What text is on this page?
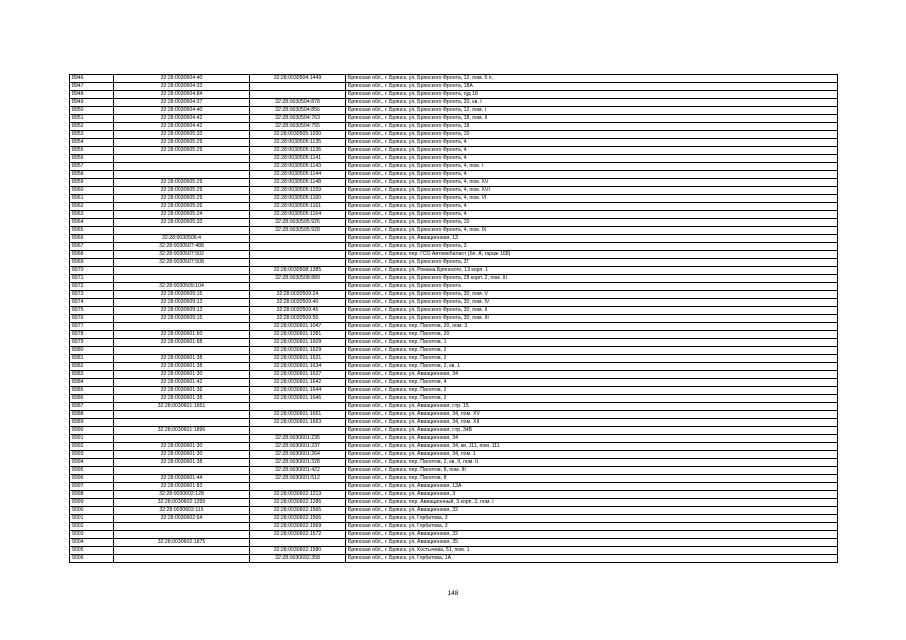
8946	32:28:0030504:40	32:28:0030504:1449	Брянская обл., г. Брянск, ул. Брянского Фронта, 12, пом. 5 п.
8947	32:28:0030504:33		Брянская обл., г. Брянск, ул. Брянского Фронта, 18А
8948	32:28:0030504:84		Брянская обл., г. Брянск, ул. Брянского Фронта, ojд 18
8949	32:28:0030504:37	32:28:0030504:878	Брянская обл., г. Брянск, ул. Брянского Фронта, 20, кв. I
8950	32:28:0030504:40	32:28:0030504:856	Брянская обл., г. Брянск, ул. Брянского Фронта, 12, пом. I
8951	32:28:0030504:42	32:28:0030504:763	Брянская обл., г. Брянск, ул. Брянского Фронта, 18, пом. II
8952	32:28:0030504:42	32:28:0030504:755	Брянская обл., г. Брянск, ул. Брянского Фронта, 18
8953	32:28:0030505:33	32:28:0030505:1030	Брянская обл., г. Брянск, ул. Брянского Фронта, 10
8954	32:28:0030505:29	32:28:0030505:1135	Брянская обл., г. Брянск, ул. Брянского Фронта, 4
8955	32:28:0030505:29	32:28:0030505:1136	Брянская обл., г. Брянск, ул. Брянского Фронта, 4
8956		32:28:0030505:1141	Брянская обл., г. Брянск, ул. Брянского Фронта, 4
8957		32:28:0030505:1143	Брянская обл., г. Брянск, ул. Брянского Фронта, 4, пом. I
8958		32:28:0030505:1144	Брянская обл., г. Брянск, ул. Брянского Фронта, 4
8959	32:28:0030505:29	32:28:0030505:1148	Брянская обл., г. Брянск, ул. Брянского Фронта, 4, пом. XV
8960	32:28:0030505:29	32:28:0030505:1159	Брянская обл., г. Брянск, ул. Брянского Фронта, 4, пом. XVI
8961	32:28:0030505:29	32:28:0030505:1160	Брянская обл., г. Брянск, ул. Брянского Фронта, 4, пом. VI
8962	32:28:0030505:26	32:28:0030505:1161	Брянская обл., г. Брянск, ул. Брянского Фронта, 4
8963	32:28:0030505:24	32:28:0030505:1164	Брянская обл., г. Брянск, ул. Брянского Фронта, 4
8964	32:28:0030505:33	32:28:0030505:926	Брянская обл., г. Брянск, ул. Брянского Фронта, 10
8965		32:28:0030505:928	Брянская обл., г. Брянск, ул. Брянского Фронта, 4, пом. IX
8966	32:28:0030506:4		Брянская обл., г. Брянск, ул. Авиационная, 13
8967	32:28:0030507:488		Брянская обл., г. Брянск, ул. Брянского Фронта, 3
8968	32:28:0030507:502		Брянская обл., г. Брянск, пер. ГСО Автомобилист (бл. А, гараж 168)
8969	32:28:0030507:508		Брянская обл., г. Брянск, ул. Брянского Фронта, 2Г
8970		32:28:0030508:1385	Брянская обл., г. Брянск, ул. Романа Брянского, 13 корп. 1
8971		32:28:0030508:889	Брянская обл., г. Брянск, ул. Брянского Фронта, 28 корп. 2, пом. III
8972	32:28:0030509:104		Брянская обл., г. Брянск, ул. Брянского Фронта
8973	32:28:0030509:15	32:28:0030509:24	Брянская обл., г. Брянск, ул. Брянского Фронта, 30, пом. V
8974	32:28:0030509:13	32:28:0030509:40	Брянская обл., г. Брянск, ул. Брянского Фронта, 30, пом. IV
8975	32:28:0030509:13	32:28:0030509:45	Брянская обл., г. Брянск, ул. Брянского Фронта, 30, пом. II
8976	32:28:0030509:15	32:28:0030509:50	Брянская обл., г. Брянск, ул. Брянского Фронта, 30, пом. III
8977		32:28:0030601:1047	Брянская обл., г. Брянск, пер. Пилотов, 20, пом. 3
8978	32:28:0030601:60	32:28:0030601:1381	Брянская обл., г. Брянск, пер. Пилотов, 20
8979	32:28:0030601:68	32:28:0030601:1609	Брянская обл., г. Брянск, пер. Пилотов, 1
8980		32:28:0030601:1629	Брянская обл., г. Брянск, пер. Пилотов, 2
8981	32:28:0030601:38	32:28:0030601:1631	Брянская обл., г. Брянск, пер. Пилотов, 2
8982	32:28:0030601:38	32:28:0030601:1634	Брянская обл., г. Брянск, пер. Пилотов, 2, кв. 1
8983	32:28:0030601:30	32:28:0030601:1637	Брянская обл., г. Брянск, ул. Авиационная, 34
8984	32:28:0030601:42	32:28:0030601:1642	Брянская обл., г. Брянск, пер. Пилотов, 4
8985	32:28:0030601:36	32:28:0030601:1644	Брянская обл., г. Брянск, пер. Пилотов, 2
8986	32:28:0030601:38	32:28:0030601:1646	Брянская обл., г. Брянск, пер. Пилотов, 2
8987	32:28:0030601:1651		Брянская обл., г. Брянск, ул. Авиационная, стр. 15
8988		32:28:0030601:1661	Брянская обл., г. Брянск, ул. Авиационная, 34, пом. XV
8989		32:28:0030601:1663	Брянская обл., г. Брянск, ул. Авиационная, 34, пом. XII
8990	32:28:0030601:1896		Брянская обл., г. Брянск, ул. Авиационная, стр. 34Б
8991		32:28:0030601:235	Брянская обл., г. Брянск, ул. Авиационная, 34
8992	32:28:0030601:30	32:28:0030601:237	Брянская обл., г. Брянск, ул. Авиационная, 34, кв. 111, пом. 111
8993	32:28:0030601:30	32:28:0030601:264	Брянская обл., г. Брянск, ул. Авиационная, 34, пом. 1
8994	32:28:0030601:38	32:28:0030601:328	Брянская обл., г. Брянск, пер. Пилотов, 2, кв. II, пом. II
8995		32:28:0030601:422	Брянская обл., г. Брянск, пер. Пилотов, 8, пом. III
8996	32:28:0030601:44	32:28:0030601:512	Брянская обл., г. Брянск, пер. Пилотов, 8
8997	32:28:0030601:83		Брянская обл., г. Брянск, ул. Авиационная, 13А
8998	32:28:0030602:128	32:28:0030602:1213	Брянская обл., г. Брянск, ул. Авиационная, 3
8999	32:28:0030602:1395	32:28:0030602:1286	Брянская обл., г. Брянск, пер. Авиационный, 3 корп. 2, пом. I
9000	32:28:0030602:115	32:28:0030602:1565	Брянская обл., г. Брянск, ул. Авиационная, 32
9001	32:28:0030602:64	32:28:0030602:1566	Брянская обл., г. Брянск, ул. Горбатова, 3
9002		32:28:0030602:1569	Брянская обл., г. Брянск, ул. Горбатова, 3
9003		32:28:0030602:1572	Брянская обл., г. Брянск, ул. Авиационная, 32
9004	32:28:0030602:1875		Брянская обл., г. Брянск, ул. Авиационная, 35
9005		32:28:0030602:1580	Брянская обл., г. Брянск, ул. Костычева, 51, пом. 1
9006		32:28:0030602:358	Брянская обл., г. Брянск, ул. Горбатова, 1А
148
